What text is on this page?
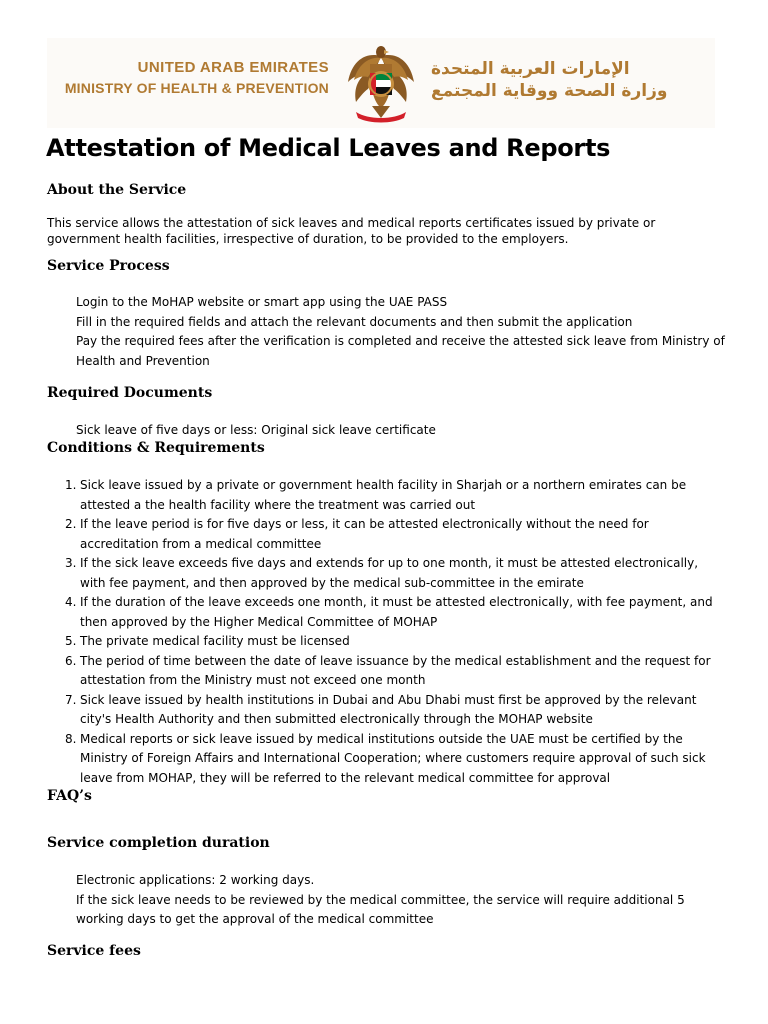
UNITED ARAB EMIRATES
MINISTRY OF HEALTH & PREVENTION
الإمارات العربية المتحدة
وزارة الصحة ووقاية المجتمع
Attestation of Medical Leaves and Reports
About the Service

This service allows the attestation of sick leaves and medical reports certificates issued by private or government health facilities, irrespective of duration, to be provided to the employers.

Service Process
Login to the MoHAP website or smart app using the UAE PASS
Fill in the required fields and attach the relevant documents and then submit the application
Pay the required fees after the verification is completed and receive the attested sick leave from Ministry of Health and Prevention
Required Documents
Sick leave of five days or less: Original sick leave certificate
Conditions & Requirements
1. Sick leave issued by a private or government health facility in Sharjah or a northern emirates can be attested a the health facility where the treatment was carried out
2. If the leave period is for five days or less, it can be attested electronically without the need for accreditation from a medical committee
3. If the sick leave exceeds five days and extends for up to one month, it must be attested electronically, with fee payment, and then approved by the medical sub-committee in the emirate
4. If the duration of the leave exceeds one month, it must be attested electronically, with fee payment, and then approved by the Higher Medical Committee of MOHAP
5. The private medical facility must be licensed
6. The period of time between the date of leave issuance by the medical establishment and the request for attestation from the Ministry must not exceed one month
7. Sick leave issued by health institutions in Dubai and Abu Dhabi must first be approved by the relevant city's Health Authority and then submitted electronically through the MOHAP website
8. Medical reports or sick leave issued by medical institutions outside the UAE must be certified by the Ministry of Foreign Affairs and International Cooperation; where customers require approval of such sick leave from MOHAP, they will be referred to the relevant medical committee for approval
FAQ’s
Service completion duration
Electronic applications: 2 working days.
If the sick leave needs to be reviewed by the medical committee, the service will require additional 5 working days to get the approval of the medical committee
Service fees
